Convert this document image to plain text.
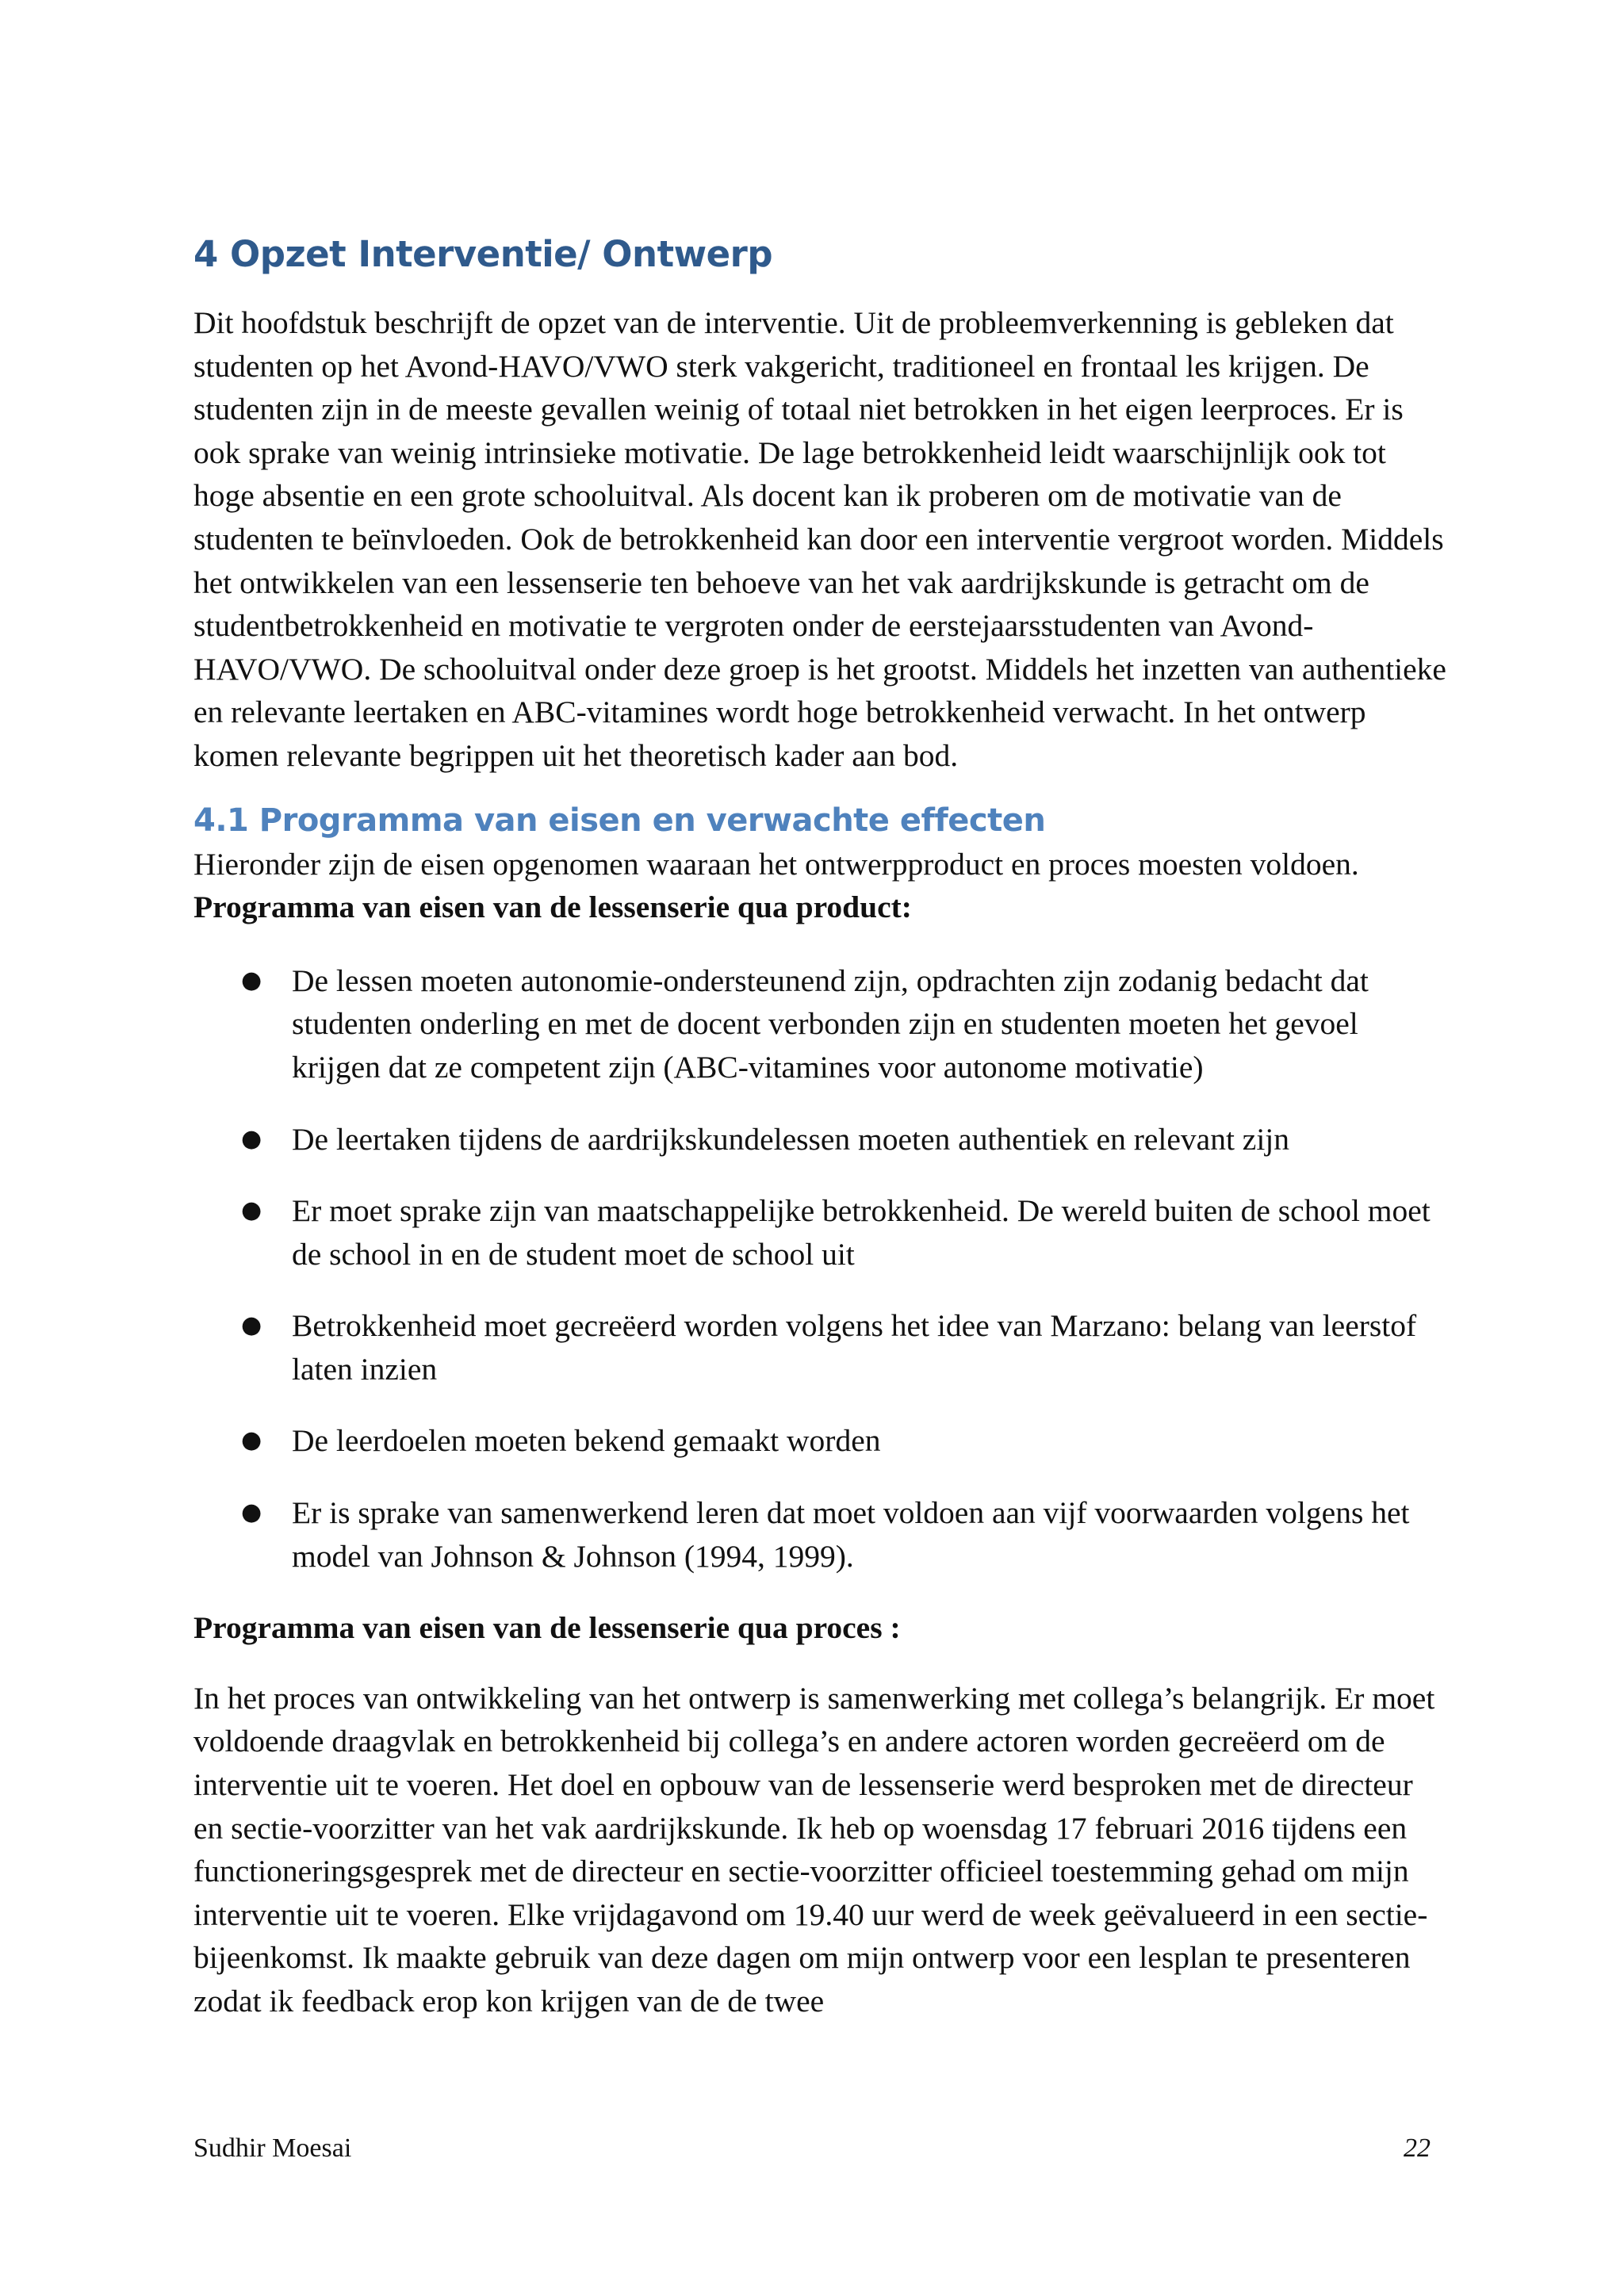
4 Opzet Interventie/ Ontwerp

Dit hoofdstuk beschrijft de opzet van de interventie. Uit de probleemverkenning is gebleken dat studenten op het Avond-HAVO/VWO sterk vakgericht, traditioneel en frontaal les krijgen. De studenten zijn in de meeste gevallen weinig of totaal niet betrokken in het eigen leerproces. Er is ook sprake van weinig intrinsieke motivatie. De lage betrokkenheid leidt waarschijnlijk ook tot hoge absentie en een grote schooluitval. Als docent kan ik proberen om de motivatie van de studenten te beïnvloeden. Ook de betrokkenheid kan door een interventie vergroot worden. Middels het ontwikkelen van een lessenserie ten behoeve van het vak aardrijkskunde is getracht om de studentbetrokkenheid en motivatie te vergroten onder de eerstejaarsstudenten van Avond-HAVO/VWO. De schooluitval onder deze groep is het grootst. Middels het inzetten van authentieke en relevante leertaken en ABC-vitamines wordt hoge betrokkenheid verwacht. In het ontwerp komen relevante begrippen uit het theoretisch kader aan bod.

4.1 Programma van eisen en verwachte effecten

Hieronder zijn de eisen opgenomen waaraan het ontwerpproduct en proces moesten voldoen.

Programma van eisen van de lessenserie qua product:

● De lessen moeten autonomie-ondersteunend zijn, opdrachten zijn zodanig bedacht dat studenten onderling en met de docent verbonden zijn en studenten moeten het gevoel krijgen dat ze competent zijn (ABC-vitamines voor autonome motivatie)
● De leertaken tijdens de aardrijkskundelessen moeten authentiek en relevant zijn
● Er moet sprake zijn van maatschappelijke betrokkenheid. De wereld buiten de school moet de school in en de student moet de school uit
● Betrokkenheid moet gecreëerd worden volgens het idee van Marzano: belang van leerstof laten inzien
● De leerdoelen moeten bekend gemaakt worden
● Er is sprake van samenwerkend leren dat moet voldoen aan vijf voorwaarden volgens het model van Johnson & Johnson (1994, 1999).

Programma van eisen van de lessenserie qua proces :

In het proces van ontwikkeling van het ontwerp is samenwerking met collega’s belangrijk. Er moet voldoende draagvlak en betrokkenheid bij collega’s en andere actoren worden gecreëerd om de interventie uit te voeren. Het doel en opbouw van de lessenserie werd besproken met de directeur en sectie-voorzitter van het vak aardrijkskunde. Ik heb op woensdag 17 februari 2016 tijdens een functioneringsgesprek met de directeur en sectie-voorzitter officieel toestemming gehad om mijn interventie uit te voeren. Elke vrijdagavond om 19.40 uur werd de week geëvalueerd in een sectie-bijeenkomst. Ik maakte gebruik van deze dagen om mijn ontwerp voor een lesplan te presenteren zodat ik feedback erop kon krijgen van de de twee

Sudhir Moesai	22
